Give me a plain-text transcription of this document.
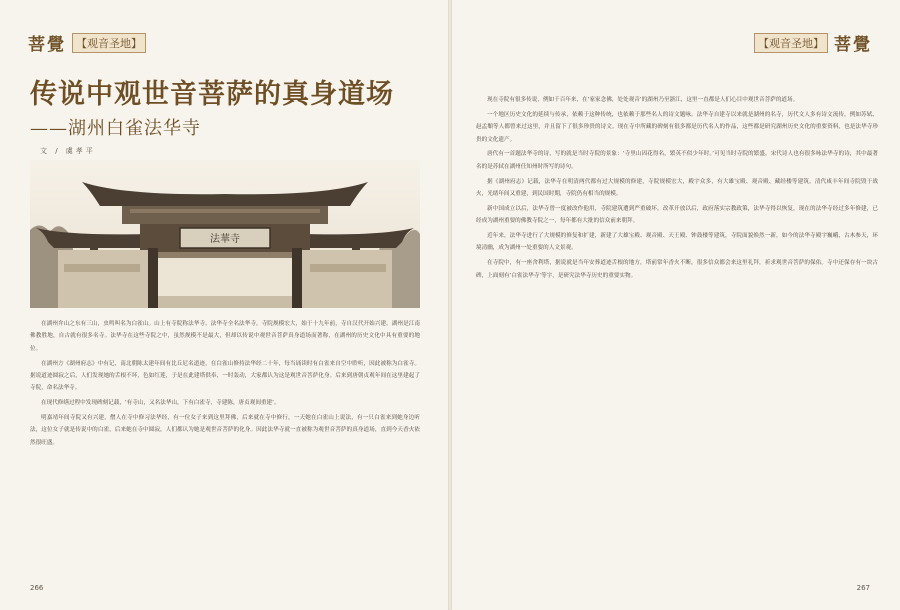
菩覺 【观音圣地】
传说中观世音菩萨的真身道场
——湖州白雀法华寺
文 / 虞孝平
法華寺

在湖州弁山之东有三山，虫鸣叫名为白雀山。山上有寺院称法华寺。法华寺全名法华寺，寺院规模宏大，始于十九年前，寺自汉代开始兴建。湖州是江南佛教胜地，自古就有很多名寺。法华寺在这些寺院之中，虽然规模不是最大，但却以传说中观世音菩萨真身道场而著称，在湖州的历史文化中具有重要的地位。

在湖州方《湖州府志》中有记，南北朝陈太建年间有比丘尼名道迹，在白雀山修持法华经二十年，每当诵读时有白雀来自空中聆听，因此被称为白雀寺。据说道迹圆寂之后，人们发现她的舌根不坏，色如红莲，于是在此建塔供奉，一时轰动，大家都认为这是观世音菩萨化身。后来到唐朝贞观年间在这里建起了寺院，命名法华寺。

在现代修缮过程中发现碑刻记载，‘有寺山，又名法华山，下有白雀寺，寺建陈，唐贞观间重建’。

明嘉靖年间寺院又有兴建，僧人在寺中修习法华经，有一位女子来到这里拜佛，后来就在寺中修行，一天她在白雀山上说法，有一只白雀来到她身边听法，这位女子就是传说中的白雀，后来她在寺中圆寂，人们都认为她是观世音菩萨的化身。因此法华寺就一直被称为观世音菩萨的真身道场，直到今天香火依然很旺盛。

266
【观音圣地】 菩覺

现在寺院有很多传说，例如千百年来，在‘家家念佛，处处观音’的湖州乃至浙江，这里一直都是人们心目中观世音菩萨的道场。

一个地区历史文化的延续与传承，依赖于这种传统，也依赖于那些名人的诗文题咏。法华寺自建寺以来就是湖州的名寺，历代文人多有诗文流传，例如苏轼、赵孟頫等人都曾来过这里，并且留下了很多珍贵的诗文。现在寺中所藏的碑刻有很多都是历代名人的作品，这些都是研究湖州历史文化的重要资料，也是法华寺珍贵的文化遗产。

唐代有一首题法华寺的诗，写的就是当时寺院的景象：‘寺里山因花得名，繁英不似少年时。’可见当时寺院的繁盛。宋代诗人也有很多咏法华寺的诗，其中最著名的是苏轼在湖州任知州时所写的诗句。

据《湖州府志》记载，法华寺在明清两代都有过大规模的修建，寺院规模宏大，殿宇众多，有大雄宝殿、观音殿、藏经楼等建筑。清代咸丰年间寺院毁于战火，光绪年间又重建，到民国时期，寺院仍有相当的规模。

新中国成立以后，法华寺曾一度被改作他用，寺院建筑遭到严重破坏。改革开放以后，政府落实宗教政策，法华寺得以恢复，现在的法华寺经过多年修建，已经成为湖州重要的佛教寺院之一，每年都有大批的信众前来朝拜。

近年来，法华寺进行了大规模的修复和扩建，新建了大雄宝殿、观音殿、天王殿、钟鼓楼等建筑，寺院面貌焕然一新，如今的法华寺殿宇巍峨，古木参天，环境清幽，成为湖州一处重要的人文景观。

在寺院中，有一座舍利塔，据说就是当年安葬道迹舌根的地方，塔前常年香火不断，很多信众都会来这里礼拜，祈求观世音菩萨的保佑。寺中还保存有一块古碑，上面刻有‘白雀法华寺’等字，是研究法华寺历史的重要实物。

267
